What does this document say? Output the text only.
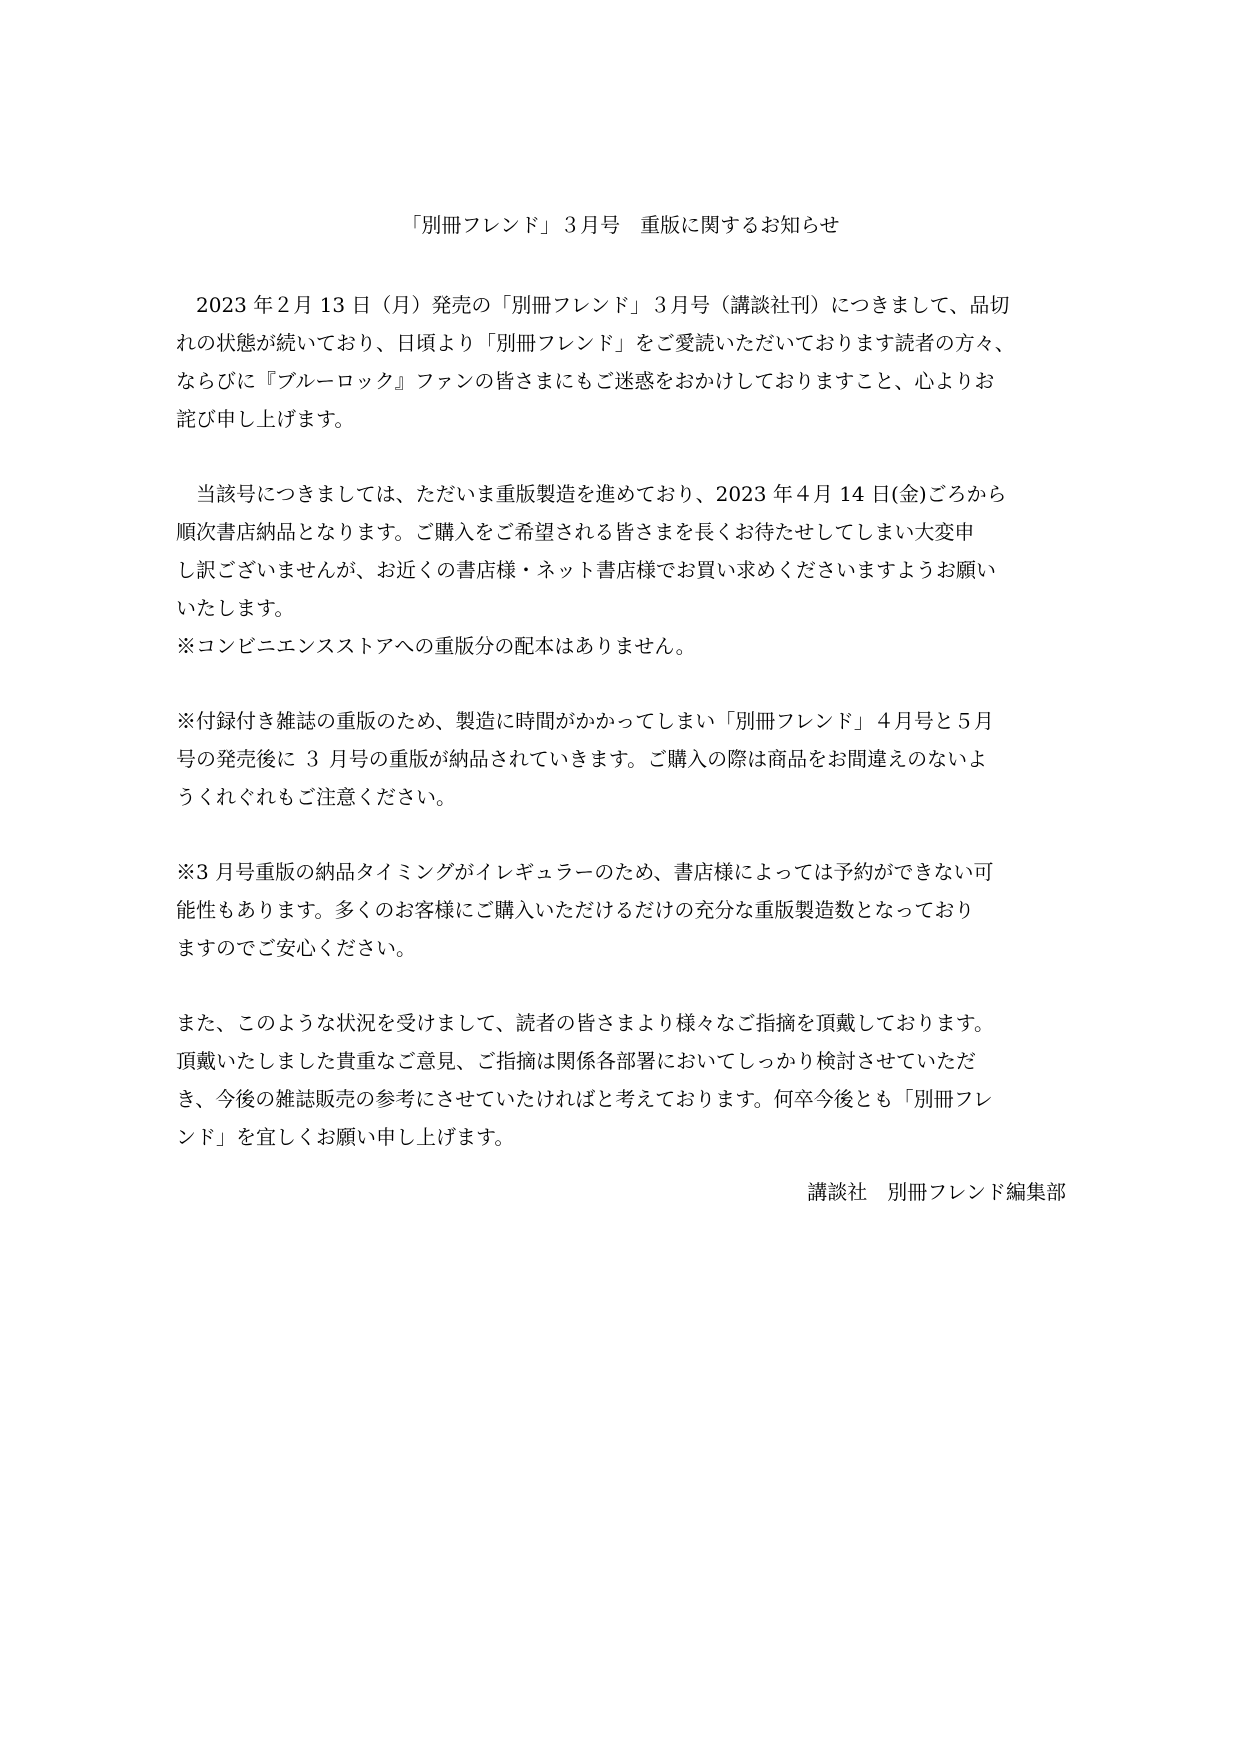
「別冊フレンド」３月号　重版に関するお知らせ
　2023 年２月 13 日（月）発売の「別冊フレンド」３月号（講談社刊）につきまして、品切
れの状態が続いており、日頃より「別冊フレンド」をご愛読いただいております読者の方々、
ならびに『ブルーロック』ファンの皆さまにもご迷惑をおかけしておりますこと、心よりお
詫び申し上げます。
　当該号につきましては、ただいま重版製造を進めており、2023 年４月 14 日(金)ごろから
順次書店納品となります。ご購入をご希望される皆さまを長くお待たせしてしまい大変申
し訳ございませんが、お近くの書店様・ネット書店様でお買い求めくださいますようお願い
いたします。
※コンビニエンスストアへの重版分の配本はありません。
※付録付き雑誌の重版のため、製造に時間がかかってしまい「別冊フレンド」４月号と５月
号の発売後に ３ 月号の重版が納品されていきます。ご購入の際は商品をお間違えのないよ
うくれぐれもご注意ください。
※3 月号重版の納品タイミングがイレギュラーのため、書店様によっては予約ができない可
能性もあります。多くのお客様にご購入いただけるだけの充分な重版製造数となっており
ますのでご安心ください。
また、このような状況を受けまして、読者の皆さまより様々なご指摘を頂戴しております。
頂戴いたしました貴重なご意見、ご指摘は関係各部署においてしっかり検討させていただ
き、今後の雑誌販売の参考にさせていたければと考えております。何卒今後とも「別冊フレ
ンド」を宜しくお願い申し上げます。
講談社　別冊フレンド編集部
